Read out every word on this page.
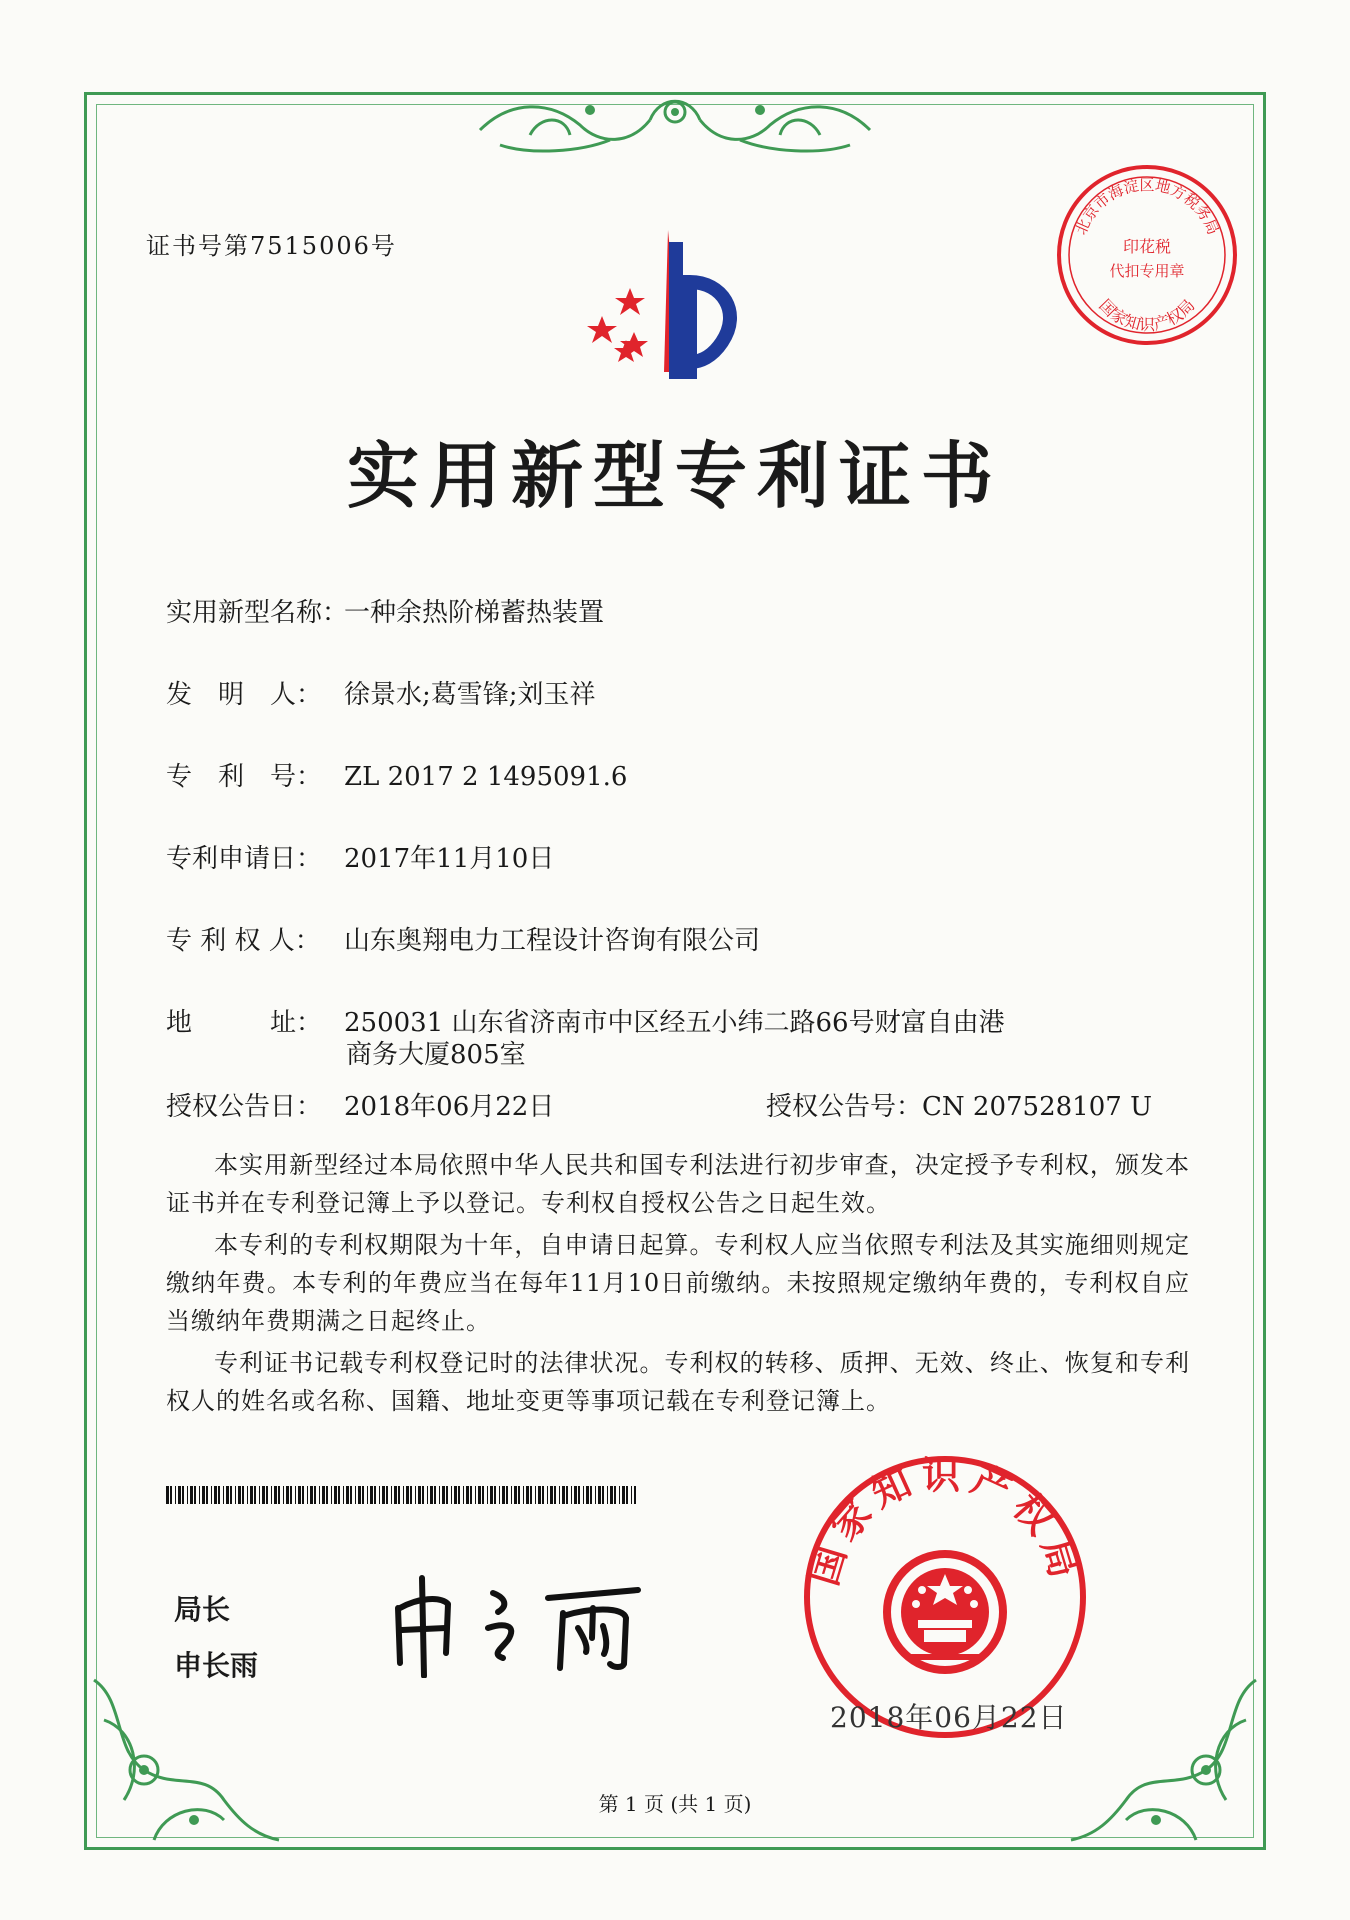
证书号第7515006号
北京市海淀区地方税务局
印花税
代扣专用章
国家知识产权局
实用新型专利证书
实用新型名称：一种余热阶梯蓄热装置
发　明　人： 徐景水;葛雪锋;刘玉祥
专　利　号： ZL 2017 2 1495091.6
专利申请日： 2017年11月10日
专 利 权 人： 山东奥翔电力工程设计咨询有限公司
地　　　址： 250031 山东省济南市中区经五小纬二路66号财富自由港
商务大厦805室
授权公告日： 2018年06月22日	授权公告号：CN 207528107 U
本实用新型经过本局依照中华人民共和国专利法进行初步审查，决定授予专利权，颁发本证书并在专利登记簿上予以登记。专利权自授权公告之日起生效。
本专利的专利权期限为十年，自申请日起算。专利权人应当依照专利法及其实施细则规定缴纳年费。本专利的年费应当在每年11月10日前缴纳。未按照规定缴纳年费的，专利权自应当缴纳年费期满之日起终止。
专利证书记载专利权登记时的法律状况。专利权的转移、质押、无效、终止、恢复和专利权人的姓名或名称、国籍、地址变更等事项记载在专利登记簿上。
局长
申长雨
国家知识产权局
2018年06月22日
第 1 页 (共 1 页)
